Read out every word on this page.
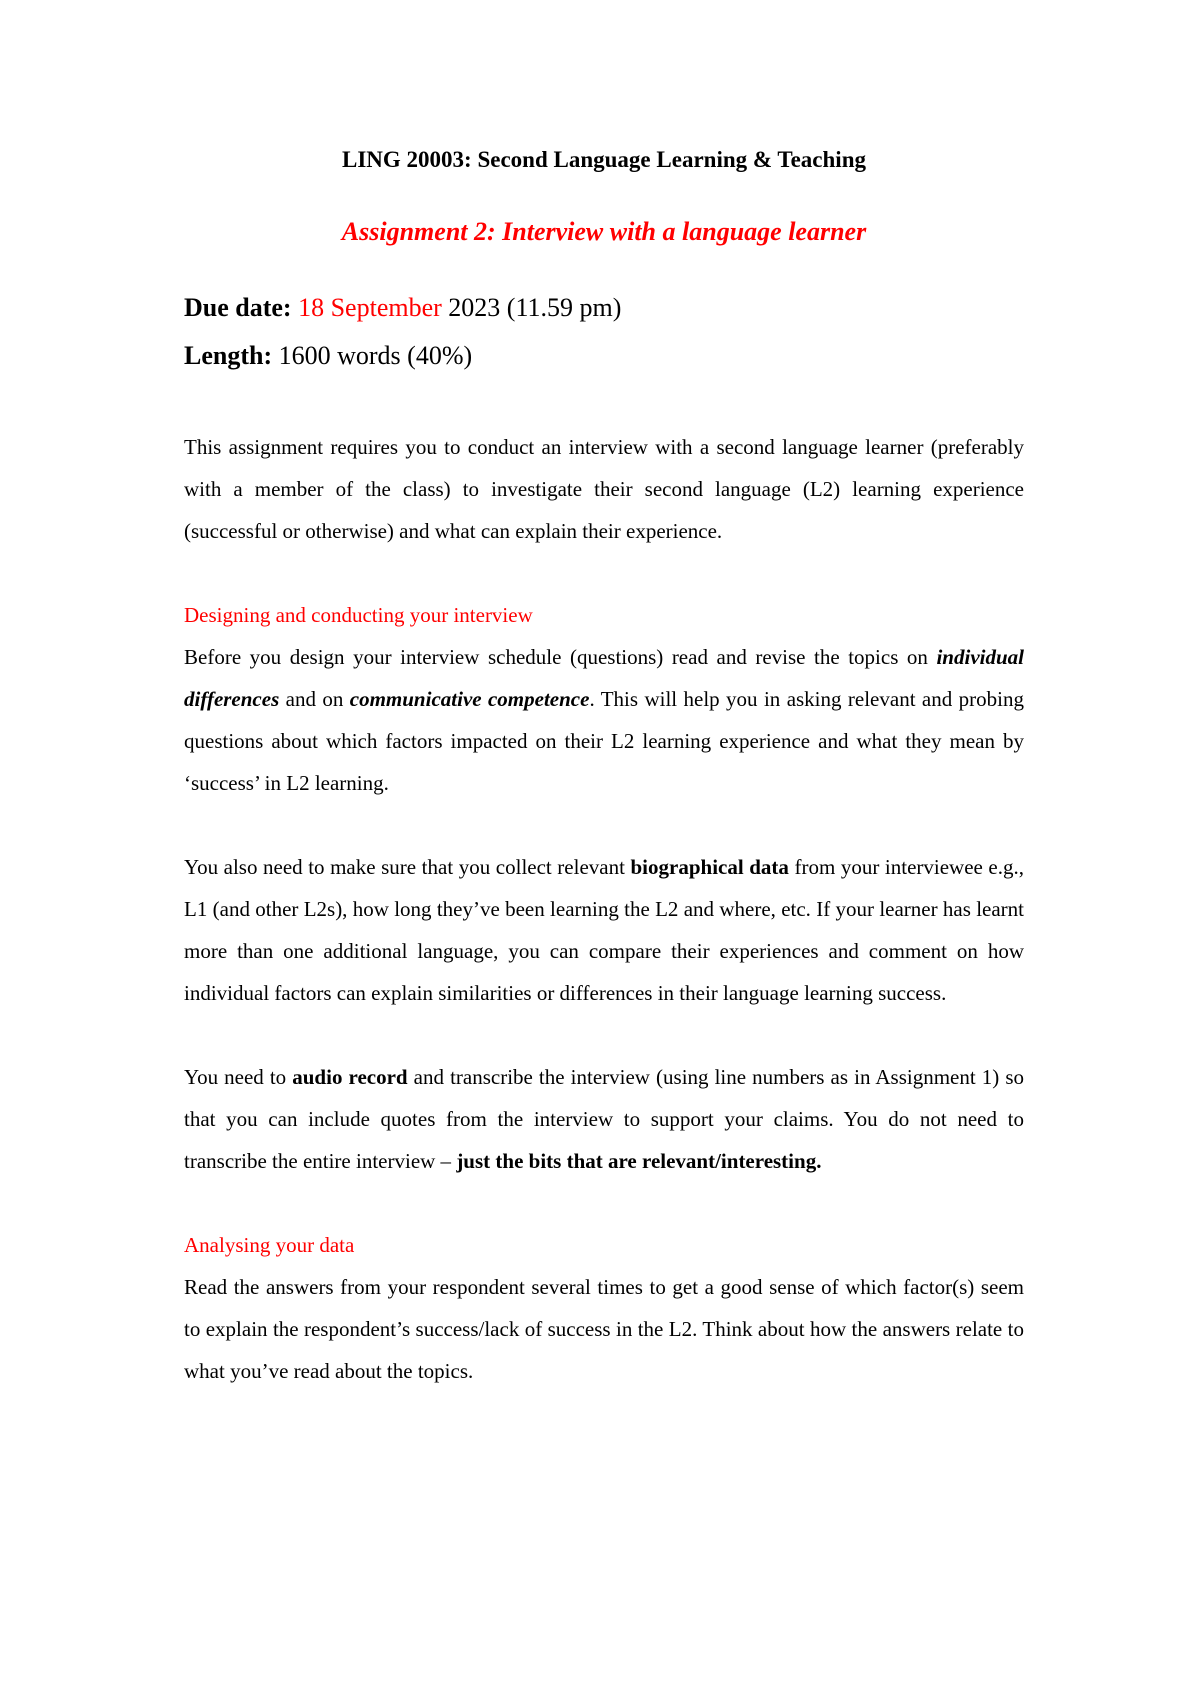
LING 20003: Second Language Learning & Teaching

Assignment 2: Interview with a language learner

Due date: 18 September 2023 (11.59 pm)

Length: 1600 words (40%)

This assignment requires you to conduct an interview with a second language learner (preferably with a member of the class) to investigate their second language (L2) learning experience (successful or otherwise) and what can explain their experience.

Designing and conducting your interview

Before you design your interview schedule (questions) read and revise the topics on individual differences and on communicative competence. This will help you in asking relevant and probing questions about which factors impacted on their L2 learning experience and what they mean by ‘success’ in L2 learning.

You also need to make sure that you collect relevant biographical data from your interviewee e.g., L1 (and other L2s), how long they’ve been learning the L2 and where, etc. If your learner has learnt more than one additional language, you can compare their experiences and comment on how individual factors can explain similarities or differences in their language learning success.

You need to audio record and transcribe the interview (using line numbers as in Assignment 1) so that you can include quotes from the interview to support your claims. You do not need to transcribe the entire interview – just the bits that are relevant/interesting.

Analysing your data

Read the answers from your respondent several times to get a good sense of which factor(s) seem to explain the respondent’s success/lack of success in the L2. Think about how the answers relate to what you’ve read about the topics.
